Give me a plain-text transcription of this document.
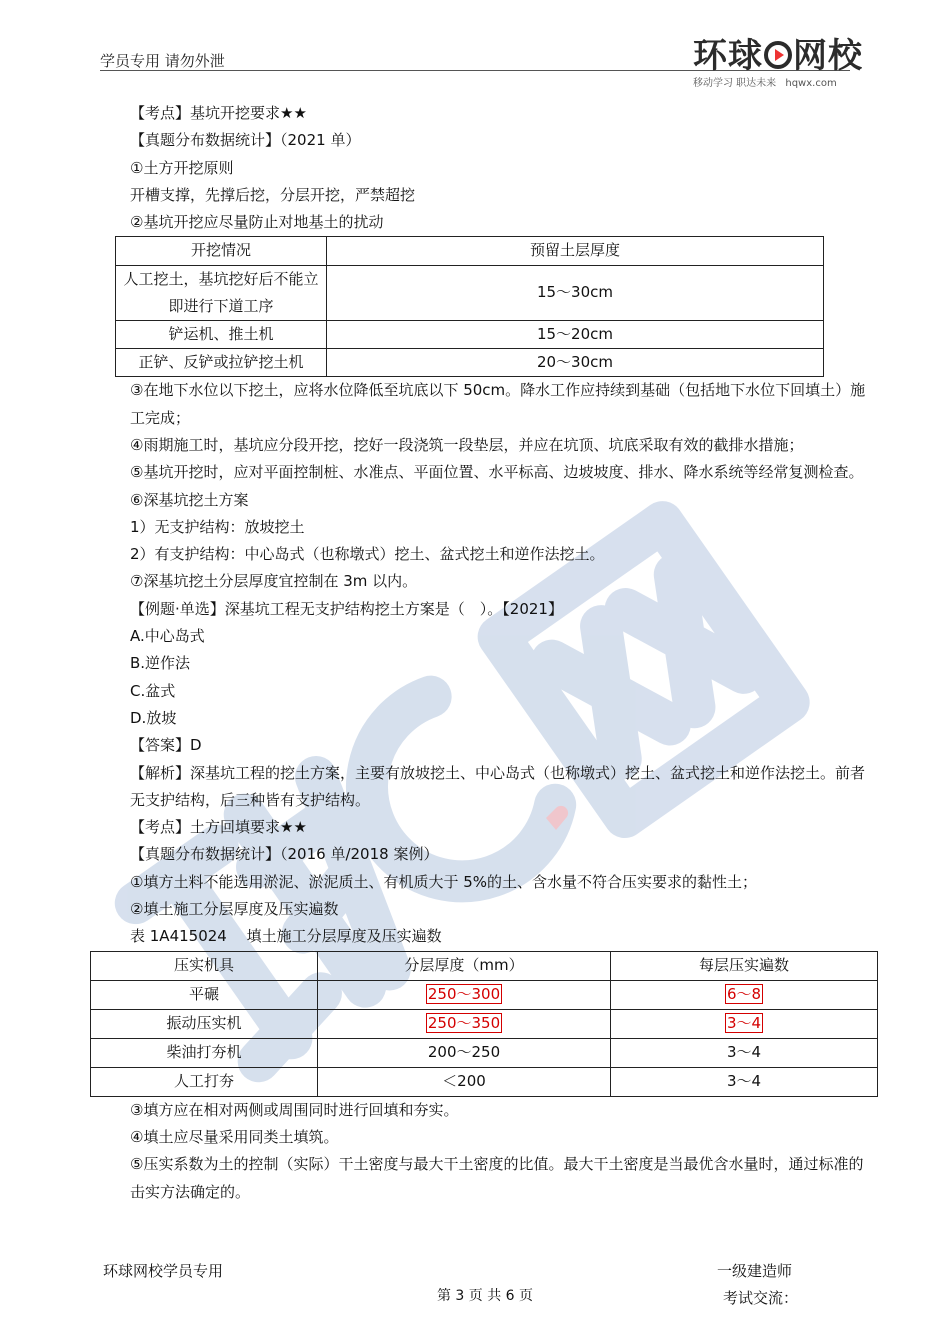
学员专用 请勿外泄	环球 网校
移动学习 职达未来 hqwx.com

【考点】基坑开挖要求★★

【真题分布数据统计】（2021 单）

①土方开挖原则

开槽支撑，先撑后挖，分层开挖，严禁超挖

②基坑开挖应尽量防止对地基土的扰动

开挖情况	预留土层厚度

人工挖土，基坑挖好后不能立即进行下道工序	15～30cm
铲运机、推土机	15～20cm
正铲、反铲或拉铲挖土机	20～30cm

③在地下水位以下挖土，应将水位降低至坑底以下 50cm。降水工作应持续到基础（包括地下水位下回填土）施工完成；

④雨期施工时，基坑应分段开挖，挖好一段浇筑一段垫层，并应在坑顶、坑底采取有效的截排水措施；

⑤基坑开挖时，应对平面控制桩、水准点、平面位置、水平标高、边坡坡度、排水、降水系统等经常复测检查。

⑥深基坑挖土方案

1）无支护结构：放坡挖土

2）有支护结构：中心岛式（也称墩式）挖土、盆式挖土和逆作法挖土。

⑦深基坑挖土分层厚度宜控制在 3m 以内。

【例题·单选】深基坑工程无支护结构挖土方案是（　）。【2021】

A.中心岛式

B.逆作法

C.盆式

D.放坡

【答案】D

【解析】深基坑工程的挖土方案，主要有放坡挖土、中心岛式（也称墩式）挖土、盆式挖土和逆作法挖土。前者无支护结构，后三种皆有支护结构。

【考点】土方回填要求★★

【真题分布数据统计】（2016 单/2018 案例）

①填方土料不能选用淤泥、淤泥质土、有机质大于 5%的土、含水量不符合压实要求的黏性土；

②填土施工分层厚度及压实遍数

表 1A415024　 填土施工分层厚度及压实遍数

压实机具	分层厚度（mm）	每层压实遍数
平碾	250～300	6～8
振动压实机	250～350	3～4
柴油打夯机	200～250	3～4
人工打夯	＜200	3～4

③填方应在相对两侧或周围同时进行回填和夯实。

④填土应尽量采用同类土填筑。

⑤压实系数为土的控制（实际）干土密度与最大干土密度的比值。最大干土密度是当最优含水量时，通过标准的击实方法确定的。

环球网校学员专用	一级建造师
第 3 页 共 6 页	考试交流：
